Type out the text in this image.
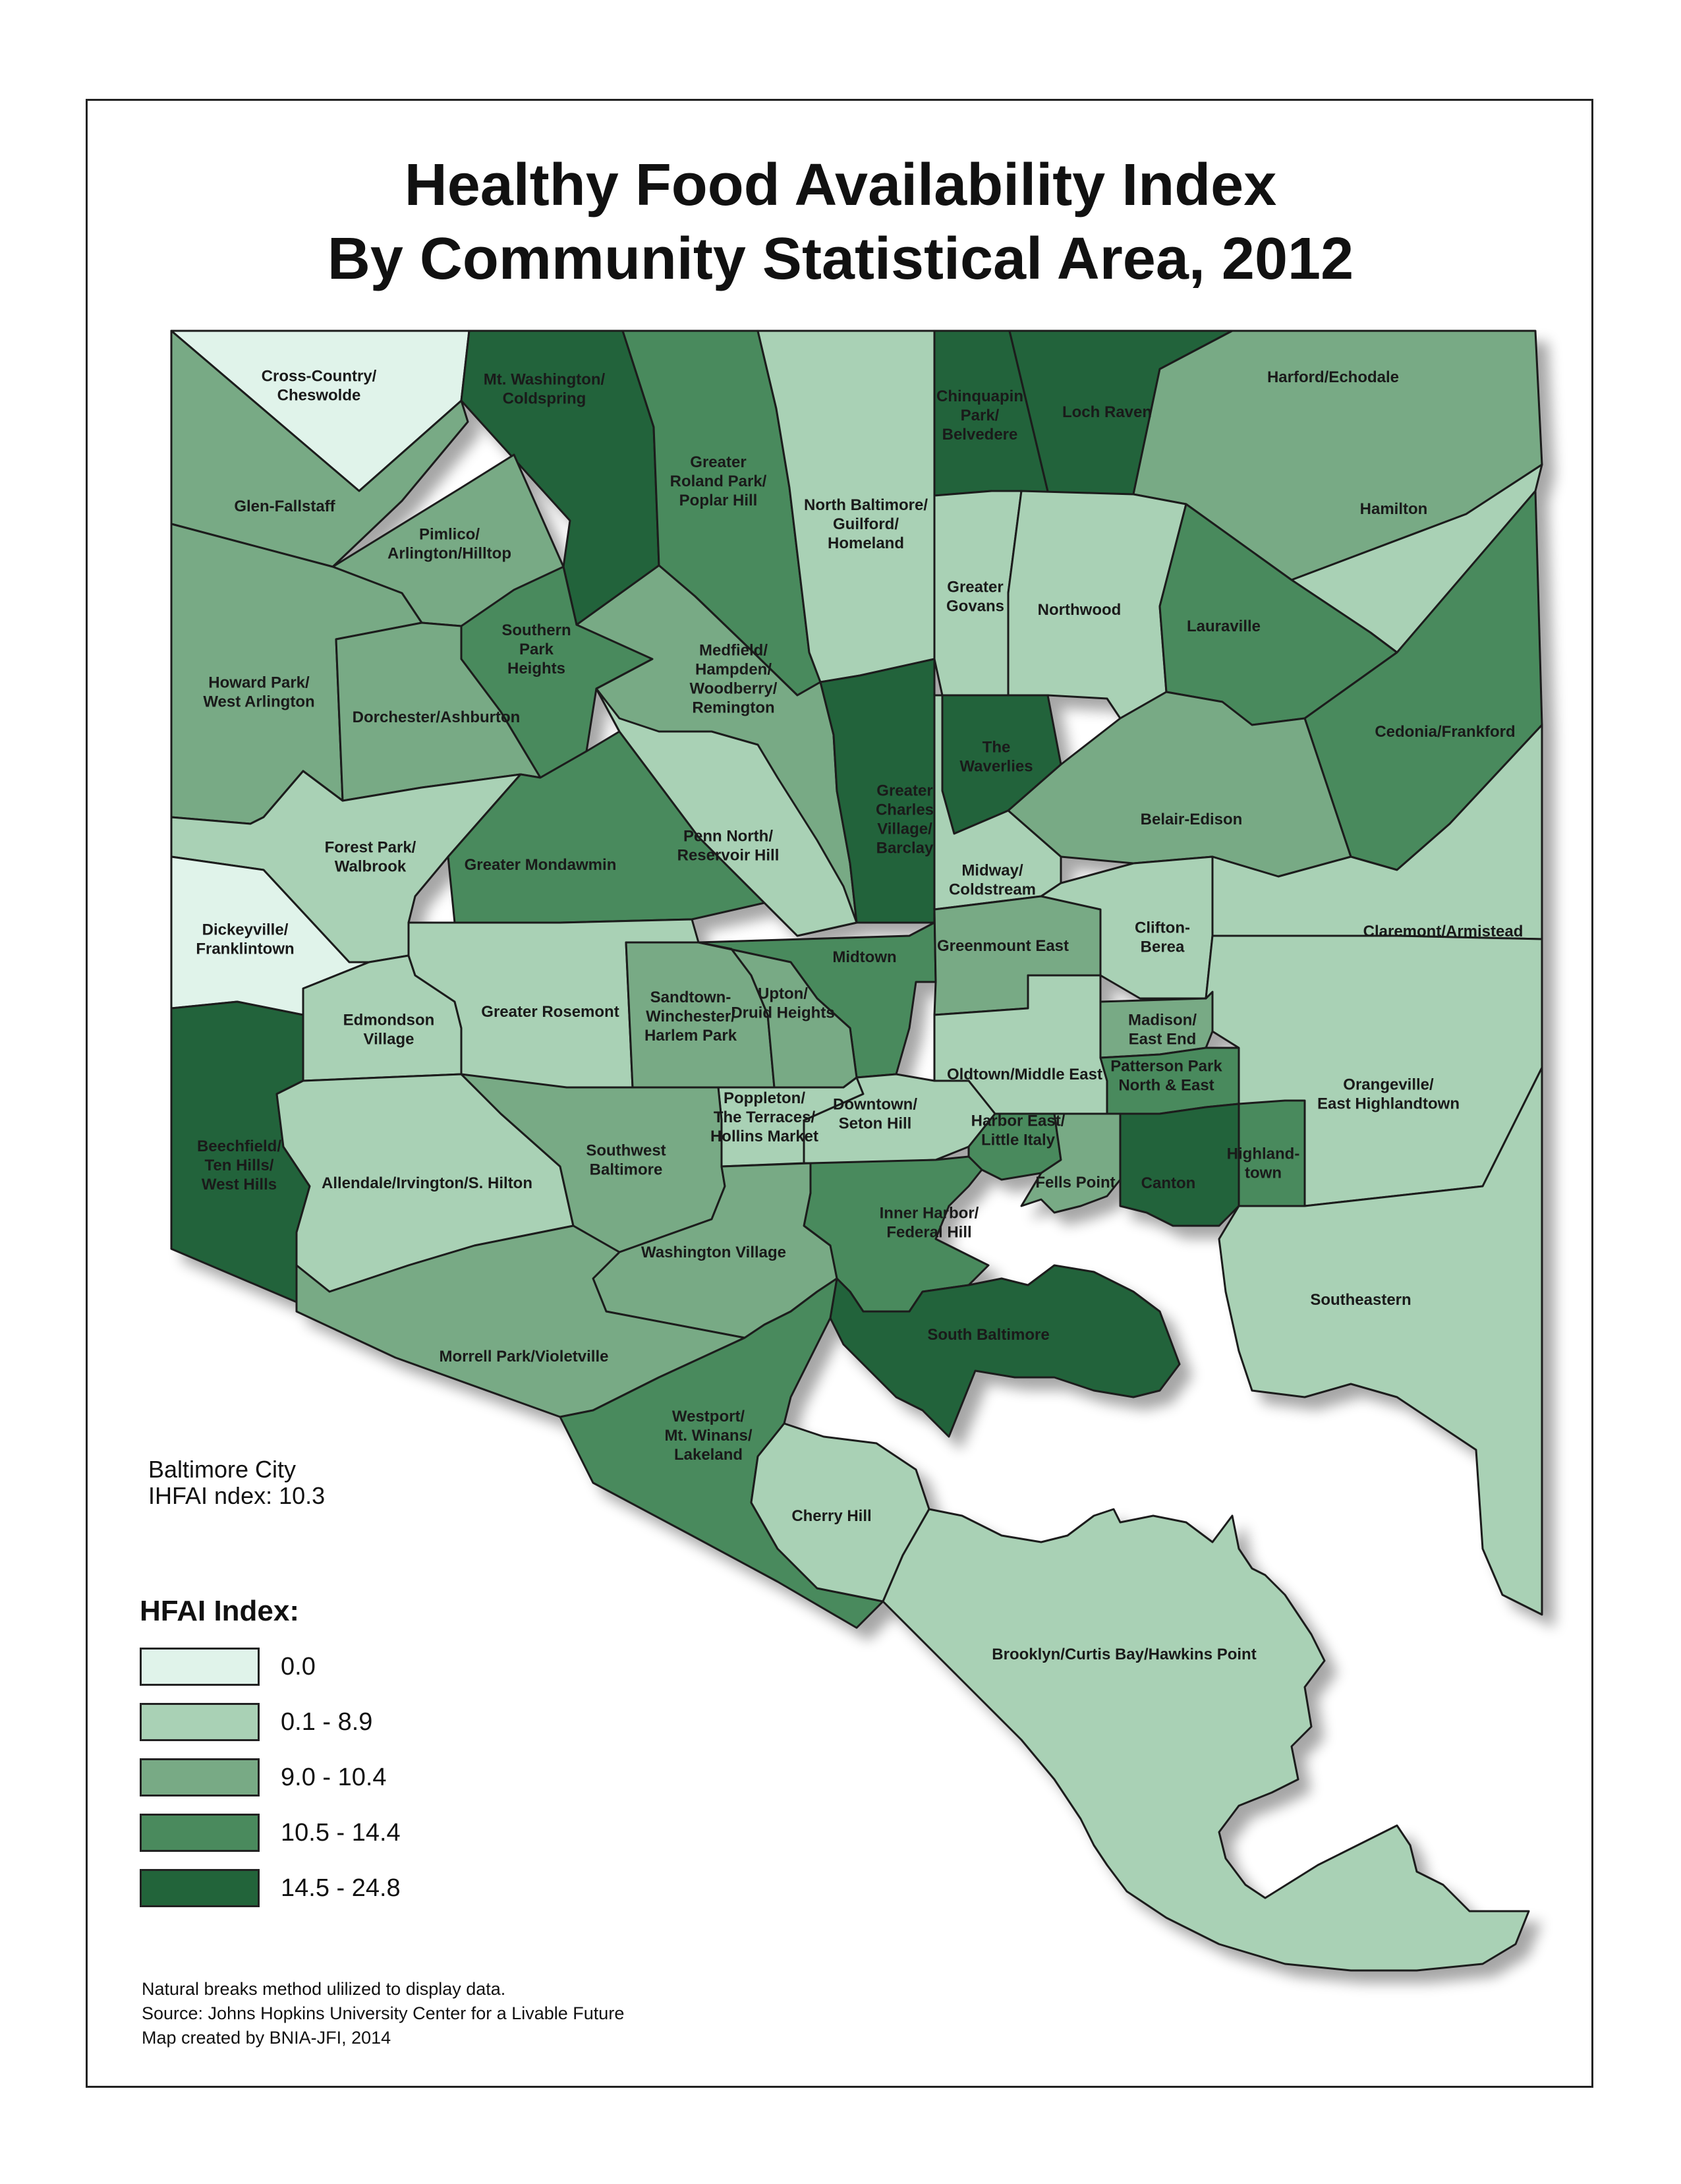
Healthy Food Availability Index
By Community Statistical Area, 2012
Cross-Country/ Cheswolde
Glen-Fallstaff
Mt. Washington/ Coldspring
Greater Roland Park/ Poplar Hill	North Baltimore/ Guilford/ Homeland
Chinquapin Park/ Belvedere
Loch Raven
Harford/Echodale
Hamilton
Pimlico/ Arlington/Hilltop
Southern Park Heights
Greater Govans Northwood
Lauraville
Howard Park/ West Arlington
Dorchester/Ashburton
Medfield/ Hampden/ Woodberry/ Remington
The Waverlies
Cedonia/Frankford
Greater Charles Village/ Barclay
Forest Park/ Walbrook	Greater Mondawmin
Penn North/ Reservoir Hill
Belair-Edison
Midway/ Coldstream
Dickeyville/ Franklintown
Clifton-Berea
Claremont/Armistead
Midtown
Greenmount East
Edmondson Village
Greater Rosemont
Sandtown-Winchester/ Harlem Park
Upton/ Druid Heights	Madison/ East End
Oldtown/Middle East Patterson Park North & East	Orangeville/ East Highlandtown
Beechfield/ Ten Hills/ West Hills
Poppleton/ The Terraces/ Hollins Market
Downtown/ Seton Hill	Harbor East/ Little Italy
Allendale/Irvington/S. Hilton
Southwest Baltimore
Highland-town
Fells Point Canton
Inner Harbor/ Federal Hill
Washington Village
Southeastern
South Baltimore
Morrell Park/Violetville
Westport/ Mt. Winans/ Lakeland
Cherry Hill
Brooklyn/Curtis Bay/Hawkins Point
Baltimore City
IHFAI ndex: 10.3
HFAI Index:
0.0
0.1 - 8.9
9.0 - 10.4
10.5 - 14.4
14.5 - 24.8
Natural breaks method ulilized to display data.
Source: Johns Hopkins University Center for a Livable Future
Map created by BNIA-JFI, 2014
